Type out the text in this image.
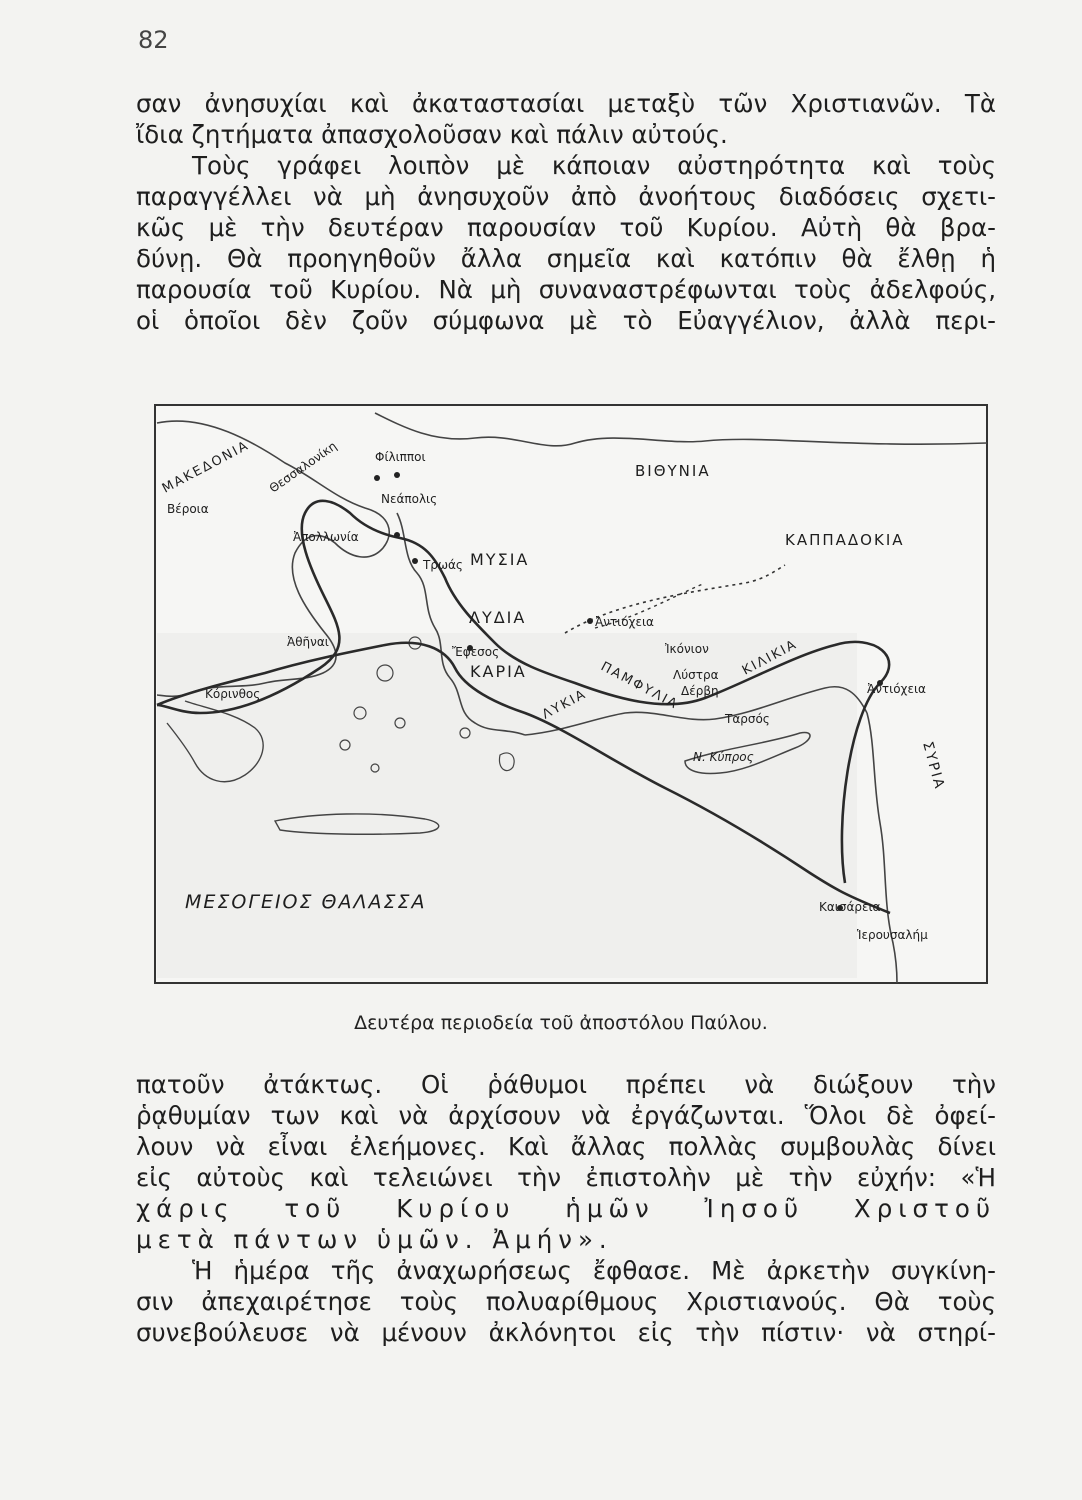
82
σαν ἀνησυχίαι καὶ ἀκαταστασίαι μεταξὺ τῶν Χριστιανῶν. Τὰ
ἴδια ζητήματα ἀπασχολοῦσαν καὶ πάλιν αὐτούς.
Τοὺς γράφει λοιπὸν μὲ κάποιαν αὐστηρότητα καὶ τοὺς
παραγγέλλει νὰ μὴ ἀνησυχοῦν ἀπὸ ἀνοήτους διαδόσεις σχετι-
κῶς μὲ τὴν δευτέραν παρουσίαν τοῦ Κυρίου. Αὐτὴ θὰ βρα-
δύνῃ. Θὰ προηγηθοῦν ἄλλα σημεῖα καὶ κατόπιν θὰ ἔλθῃ ἡ
παρουσία τοῦ Κυρίου. Νὰ μὴ συναναστρέφωνται τοὺς ἀδελφούς,
οἱ ὁποῖοι δὲν ζοῦν σύμφωνα μὲ τὸ Εὐαγγέλιον, ἀλλὰ περι-
ΒΙΘΥΝΙΑ
ΚΑΠΠΑΔΟΚΙΑ
ΜΥΣΙΑ
ΛΥΔΙΑ
ΚΑΡΙΑ	ΠΑΜΦΥΛΙΑ
ΛΥΚΙΑ
ΚΙΛΙΚΙΑ
ΣΥΡΙΑ
ΜΑΚΕΔΟΝΙΑ
ΜΕΣΟΓΕΙΟΣ ΘΑΛΑΣΣΑ
Φίλιπποι
Νεάπολις
Ἀπολλωνία
Τρωάς
Ἀθῆναι
Κόρινθος
Ἔφεσος
Ἀντιόχεια
Ἰκόνιον
Λύστρα
Δέρβη
Ταρσός
Ἀντιόχεια
Καισάρεια
Ἱερουσαλήμ
Ν. Κύπρος
Βέροια
Θεσσαλονίκη
Δευτέρα περιοδεία τοῦ ἀποστόλου Παύλου.
πατοῦν ἀτάκτως. Οἱ ῥάθυμοι πρέπει νὰ διώξουν τὴν
ῥᾳθυμίαν των καὶ νὰ ἀρχίσουν νὰ ἐργάζωνται. Ὅλοι δὲ ὀφεί-
λουν νὰ εἶναι ἐλεήμονες. Καὶ ἄλλας πολλὰς συμβουλὰς δίνει
εἰς αὐτοὺς καὶ τελειώνει τὴν ἐπιστολὴν μὲ τὴν εὐχήν: «Ἡ
χάρις τοῦ Κυρίου ἡμῶν Ἰησοῦ Χριστοῦ
μετὰ πάντων ὑμῶν. Ἀμήν».
Ἡ ἡμέρα τῆς ἀναχωρήσεως ἔφθασε. Μὲ ἀρκετὴν συγκίνη-
σιν ἀπεχαιρέτησε τοὺς πολυαρίθμους Χριστιανούς. Θὰ τοὺς
συνεβούλευσε νὰ μένουν ἀκλόνητοι εἰς τὴν πίστιν· νὰ στηρί-
